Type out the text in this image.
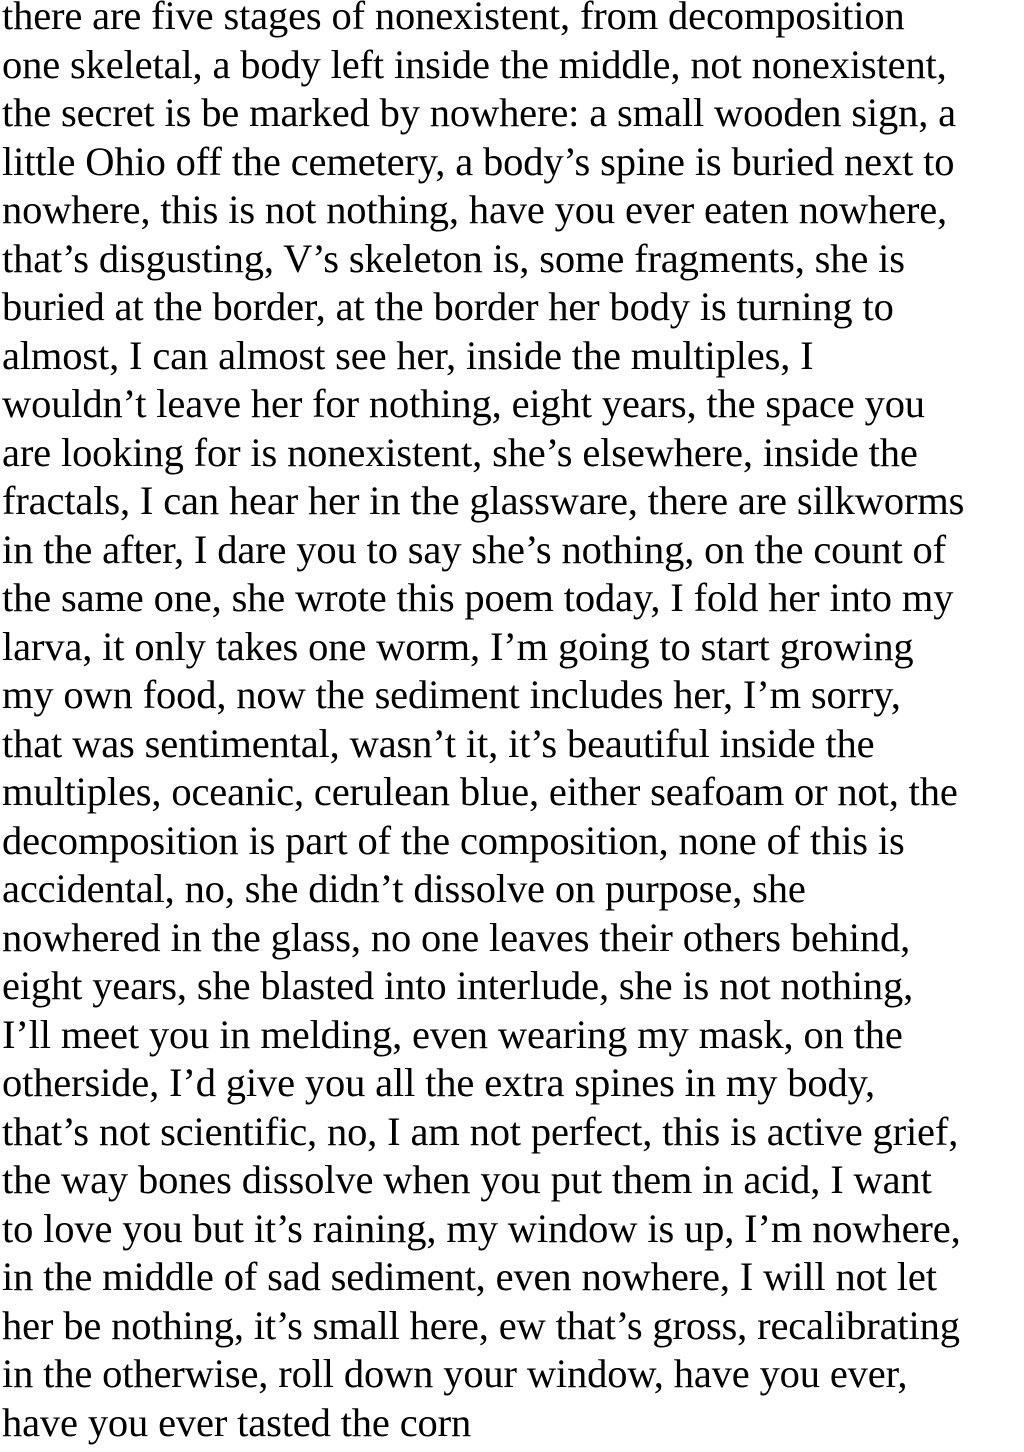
there are five stages of nonexistent, from decomposition
one skeletal, a body left inside the middle, not nonexistent,
the secret is be marked by nowhere: a small wooden sign, a
little Ohio off the cemetery, a body’s spine is buried next to
nowhere, this is not nothing, have you ever eaten nowhere,
that’s disgusting, V’s skeleton is, some fragments, she is
buried at the border, at the border her body is turning to
almost, I can almost see her, inside the multiples, I
wouldn’t leave her for nothing, eight years, the space you
are looking for is nonexistent, she’s elsewhere, inside the
fractals, I can hear her in the glassware, there are silkworms
in the after, I dare you to say she’s nothing, on the count of
the same one, she wrote this poem today, I fold her into my
larva, it only takes one worm, I’m going to start growing
my own food, now the sediment includes her, I’m sorry,
that was sentimental, wasn’t it, it’s beautiful inside the
multiples, oceanic, cerulean blue, either seafoam or not, the
decomposition is part of the composition, none of this is
accidental, no, she didn’t dissolve on purpose, she
nowhered in the glass, no one leaves their others behind,
eight years, she blasted into interlude, she is not nothing,
I’ll meet you in melding, even wearing my mask, on the
otherside, I’d give you all the extra spines in my body,
that’s not scientific, no, I am not perfect, this is active grief,
the way bones dissolve when you put them in acid, I want
to love you but it’s raining, my window is up, I’m nowhere,
in the middle of sad sediment, even nowhere, I will not let
her be nothing, it’s small here, ew that’s gross, recalibrating
in the otherwise, roll down your window, have you ever,
have you ever tasted the corn
